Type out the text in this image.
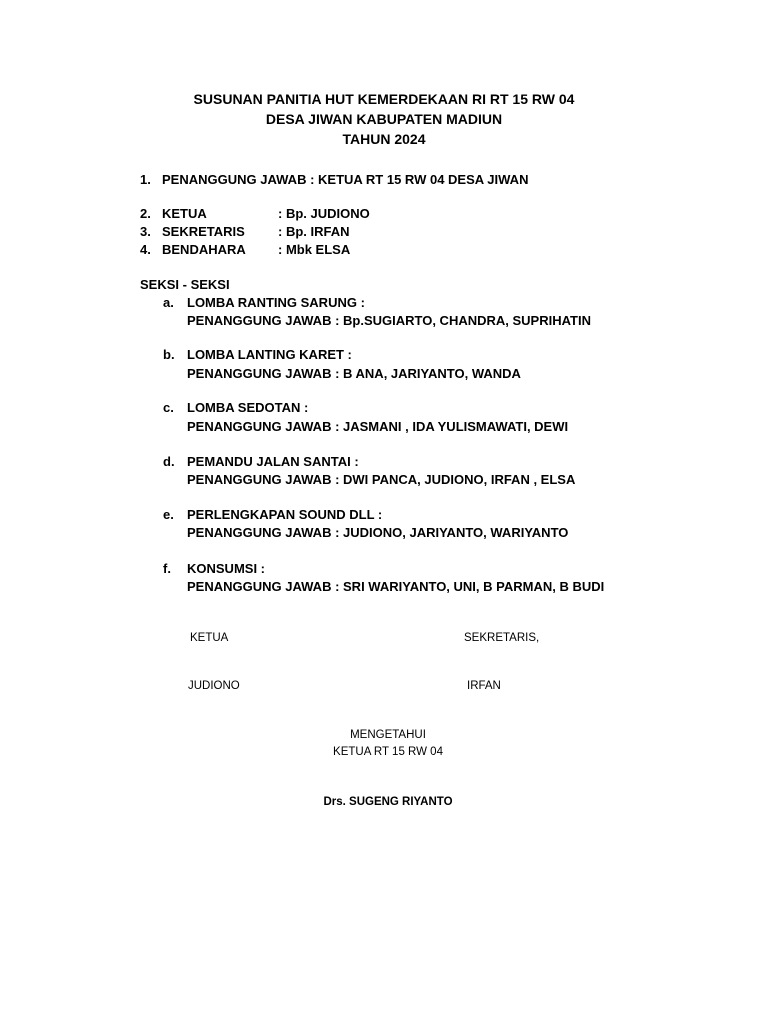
SUSUNAN PANITIA HUT KEMERDEKAAN RI RT 15 RW 04
DESA JIWAN KABUPATEN MADIUN
TAHUN 2024
1. PENANGGUNG JAWAB : KETUA RT 15 RW 04 DESA JIWAN
2. KETUA	: Bp. JUDIONO
3. SEKRETARIS	: Bp. IRFAN
4. BENDAHARA : Mbk ELSA
SEKSI - SEKSI
a. LOMBA RANTING SARUNG :
PENANGGUNG JAWAB : Bp.SUGIARTO, CHANDRA, SUPRIHATIN
b. LOMBA LANTING KARET :
PENANGGUNG JAWAB : B ANA, JARIYANTO, WANDA
c. LOMBA SEDOTAN :
PENANGGUNG JAWAB : JASMANI , IDA YULISMAWATI, DEWI
d. PEMANDU JALAN SANTAI :
PENANGGUNG JAWAB : DWI PANCA, JUDIONO, IRFAN , ELSA
e. PERLENGKAPAN SOUND DLL :
PENANGGUNG JAWAB : JUDIONO, JARIYANTO, WARIYANTO
f. KONSUMSI :
PENANGGUNG JAWAB : SRI WARIYANTO, UNI, B PARMAN, B BUDI
KETUA	SEKRETARIS,
JUDIONO	IRFAN
MENGETAHUI
KETUA RT 15 RW 04
Drs. SUGENG RIYANTO
